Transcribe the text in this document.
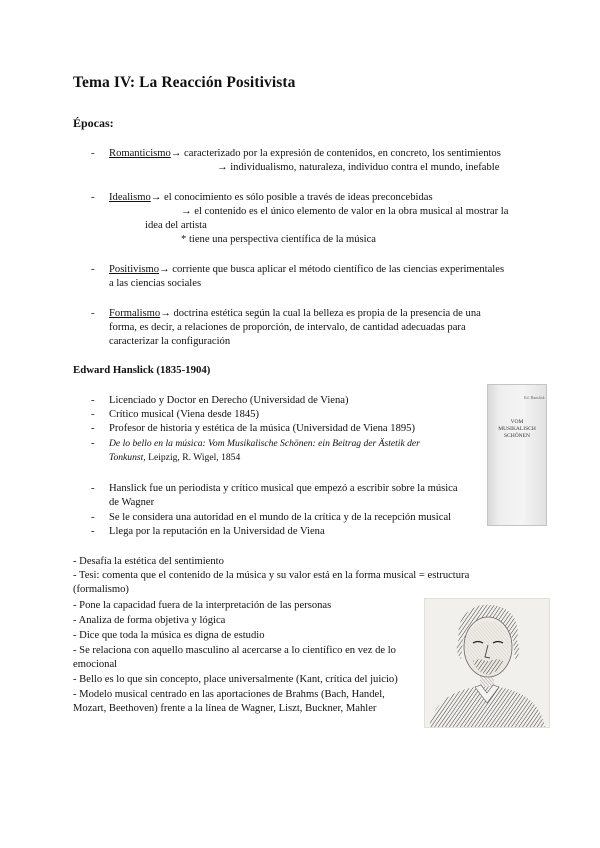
Tema IV: La Reacción Positivista
Épocas:
- Romanticismo→ caracterizado por la expresión de contenidos, en concreto, los sentimientos
→ individualismo, naturaleza, individuo contra el mundo, inefable
- Idealismo→ el conocimiento es sólo posible a través de ideas preconcebidas
→ el contenido es el único elemento de valor en la obra musical al mostrar la
idea del artista
* tiene una perspectiva científica de la música
- Positivismo→ corriente que busca aplicar el método científico de las ciencias experimentales
a las ciencias sociales
- Formalismo→ doctrina estética según la cual la belleza es propia de la presencia de una
forma, es decir, a relaciones de proporción, de intervalo, de cantidad adecuadas para
caracterizar la configuración
Edward Hanslick (1835-1904)
- Licenciado y Doctor en Derecho (Universidad de Viena)
- Crítico musical (Viena desde 1845)
- Profesor de historia y estética de la música (Universidad de Viena 1895)
- De lo bello en la música: Vom Musikalische Schönen: ein Beitrag der Ästetik der
Tonkunst, Leipzig, R. Wigel, 1854
- Hanslick fue un periodista y crítico musical que empezó a escribir sobre la música
de Wagner
- Se le considera una autoridad en el mundo de la crítica y de la recepción musical
- Llega por la reputación en la Universidad de Viena
Ed. Hanslick
VOM MUSIKALISCH
SCHÖNEN
- Desafía la estética del sentimiento
- Tesi: comenta que el contenido de la música y su valor está en la forma musical = estructura
(formalismo)
- Pone la capacidad fuera de la interpretación de las personas
- Analiza de forma objetiva y lógica
- Dice que toda la música es digna de estudio
- Se relaciona con aquello masculino al acercarse a lo científico en vez de lo
emocional
- Bello es lo que sin concepto, place universalmente (Kant, crítica del juicio)
- Modelo musical centrado en las aportaciones de Brahms (Bach, Handel,
Mozart, Beethoven) frente a la línea de Wagner, Liszt, Buckner, Mahler
